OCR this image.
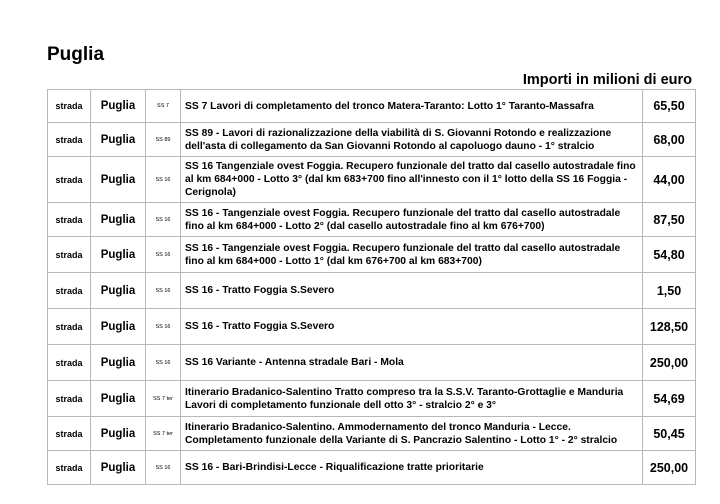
Puglia
Importi in milioni di euro
strada	Puglia	SS 7	SS 7 Lavori di completamento del tronco Matera-Taranto: Lotto 1° Taranto-Massafra	65,50
strada	Puglia	SS 89	SS 89 - Lavori di razionalizzazione della viabilità di S. Giovanni Rotondo e realizzazione dell'asta di collegamento da San Giovanni Rotondo al capoluogo dauno - 1° stralcio	68,00
strada	Puglia	SS 16	SS 16 Tangenziale ovest Foggia. Recupero funzionale del tratto dal casello autostradale fino al km 684+000 - Lotto 3° (dal km 683+700 fino all'innesto con il 1° lotto della SS 16 Foggia - Cerignola)	44,00
strada	Puglia	SS 16	SS 16 - Tangenziale ovest Foggia. Recupero funzionale del tratto dal casello autostradale fino al km 684+000 - Lotto 2° (dal casello autostradale fino al km 676+700)	87,50
strada	Puglia	SS 16	SS 16 - Tangenziale ovest Foggia. Recupero funzionale del tratto dal casello autostradale fino al km 684+000 - Lotto 1° (dal km 676+700 al km 683+700)	54,80
strada	Puglia	SS 16	SS 16 - Tratto Foggia S.Severo	1,50
strada	Puglia	SS 16	SS 16 - Tratto Foggia S.Severo	128,50
strada	Puglia	SS 16	SS 16 Variante - Antenna stradale Bari - Mola	250,00
strada	Puglia	SS 7 ter	Itinerario Bradanico-Salentino Tratto compreso tra la S.S.V. Taranto-Grottaglie e Manduria Lavori di completamento funzionale dell otto 3° - stralcio 2° e 3°	54,69
strada	Puglia	SS 7 ter	Itinerario Bradanico-Salentino. Ammodernamento del tronco Manduria - Lecce. Completamento funzionale della Variante di S. Pancrazio Salentino - Lotto 1° - 2° stralcio	50,45
strada	Puglia	SS 16	SS 16 - Bari-Brindisi-Lecce - Riqualificazione tratte prioritarie	250,00
